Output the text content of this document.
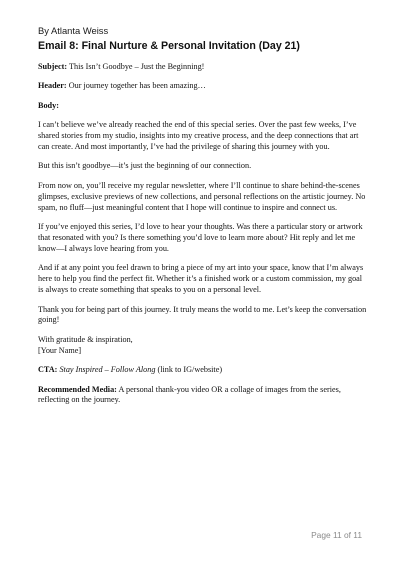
By Atlanta Weiss
Email 8: Final Nurture & Personal Invitation (Day 21)

Subject: This Isn’t Goodbye – Just the Beginning!

Header: Our journey together has been amazing…

Body:

I can’t believe we’ve already reached the end of this special series. Over the past few weeks, I’ve shared stories from my studio, insights into my creative process, and the deep connections that art can create. And most importantly, I’ve had the privilege of sharing this journey with you.

But this isn’t goodbye—it’s just the beginning of our connection.

From now on, you’ll receive my regular newsletter, where I’ll continue to share behind-the-scenes glimpses, exclusive previews of new collections, and personal reflections on the artistic journey. No spam, no fluff—just meaningful content that I hope will continue to inspire and connect us.

If you’ve enjoyed this series, I’d love to hear your thoughts. Was there a particular story or artwork that resonated with you? Is there something you’d love to learn more about? Hit reply and let me know—I always love hearing from you.

And if at any point you feel drawn to bring a piece of my art into your space, know that I’m always here to help you find the perfect fit. Whether it’s a finished work or a custom commission, my goal is always to create something that speaks to you on a personal level.

Thank you for being part of this journey. It truly means the world to me. Let’s keep the conversation going!

With gratitude & inspiration,
[Your Name]

CTA: Stay Inspired – Follow Along (link to IG/website)

Recommended Media: A personal thank-you video OR a collage of images from the series, reflecting on the journey.

Page 11 of 11
